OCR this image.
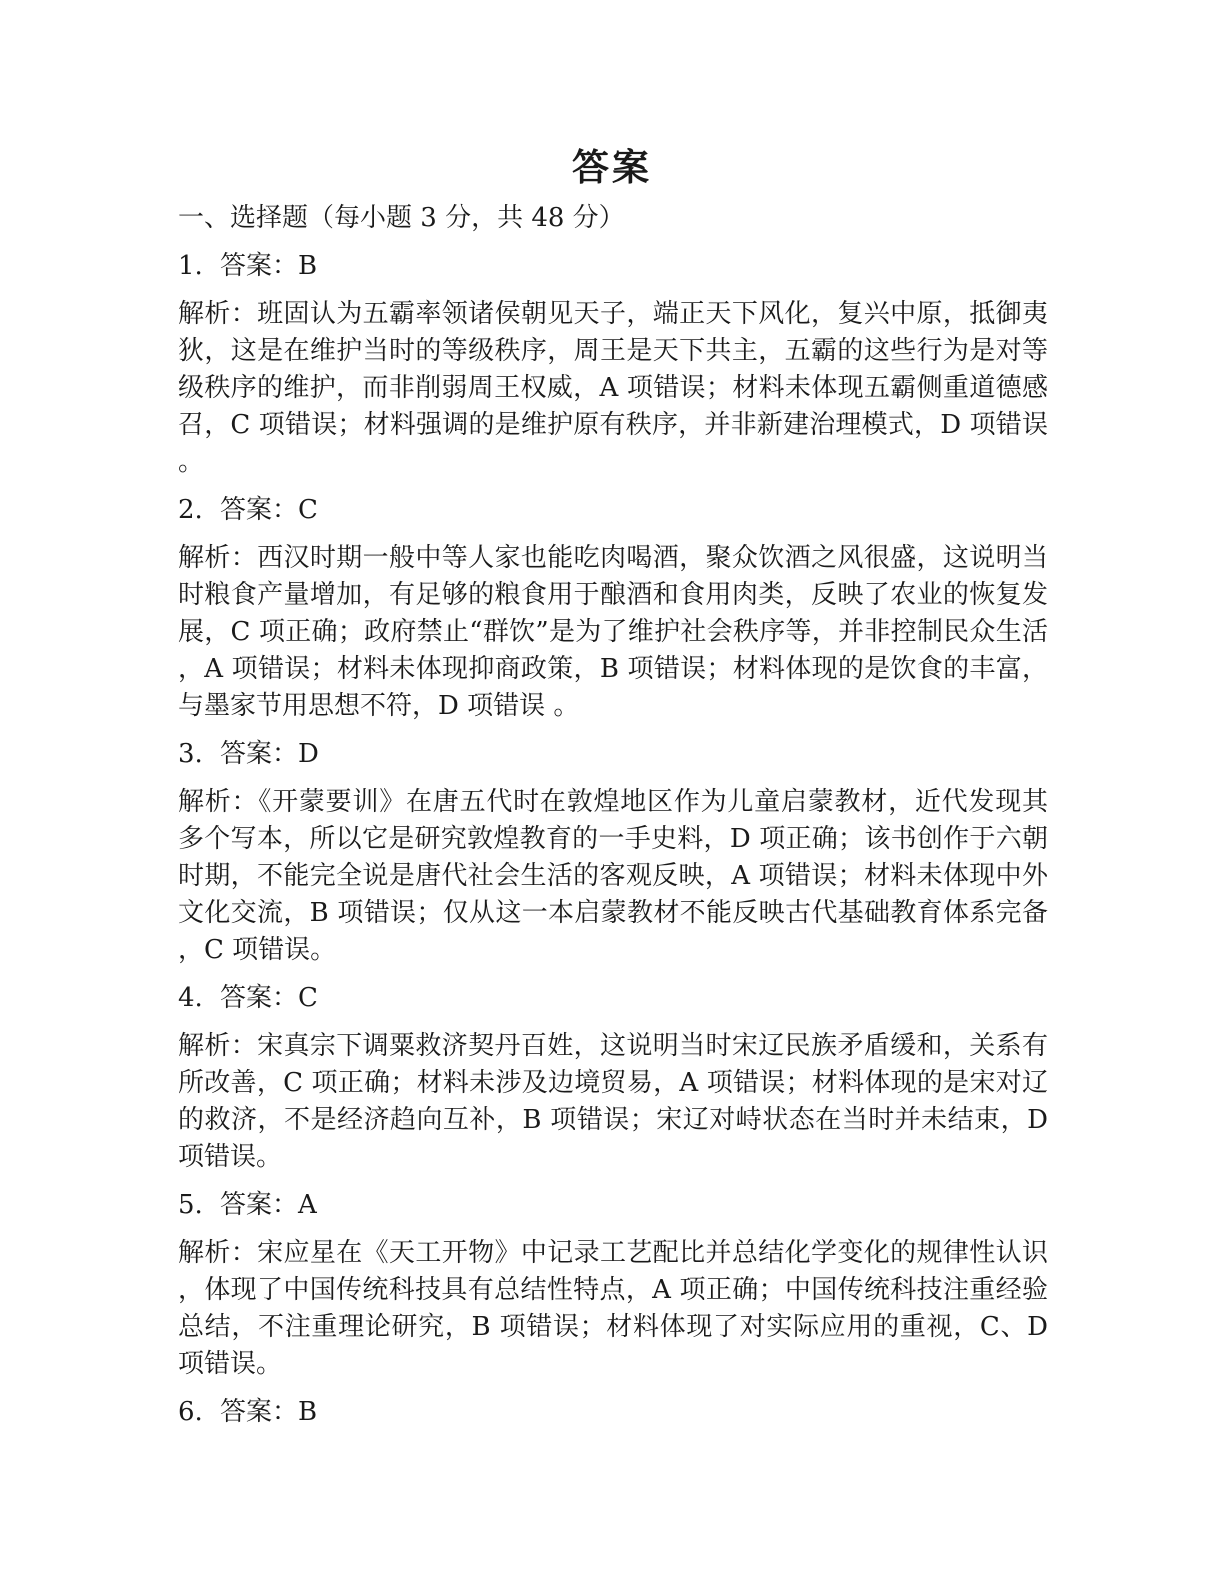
答案
一、选择题（每小题 3 分，共 48 分）
1. 答案：B
解析：班固认为五霸率领诸侯朝见天子，端正天下风化，复兴中原，抵御夷狄，这是在维护当时的等级秩序，周王是天下共主，五霸的这些行为是对等级秩序的维护，而非削弱周王权威，A 项错误；材料未体现五霸侧重道德感召，C 项错误；材料强调的是维护原有秩序，并非新建治理模式，D 项错误。
2. 答案：C
解析：西汉时期一般中等人家也能吃肉喝酒，聚众饮酒之风很盛，这说明当时粮食产量增加，有足够的粮食用于酿酒和食用肉类，反映了农业的恢复发展，C 项正确；政府禁止“群饮”是为了维护社会秩序等，并非控制民众生活，A 项错误；材料未体现抑商政策，B 项错误；材料体现的是饮食的丰富，与墨家节用思想不符，D 项错误 。
3. 答案：D
解析：《开蒙要训》在唐五代时在敦煌地区作为儿童启蒙教材，近代发现其多个写本，所以它是研究敦煌教育的一手史料，D 项正确；该书创作于六朝时期，不能完全说是唐代社会生活的客观反映，A 项错误；材料未体现中外文化交流，B 项错误；仅从这一本启蒙教材不能反映古代基础教育体系完备，C 项错误。
4. 答案：C
解析：宋真宗下调粟救济契丹百姓，这说明当时宋辽民族矛盾缓和，关系有所改善，C 项正确；材料未涉及边境贸易，A 项错误；材料体现的是宋对辽的救济，不是经济趋向互补，B 项错误；宋辽对峙状态在当时并未结束，D 项错误。
5. 答案：A
解析：宋应星在《天工开物》中记录工艺配比并总结化学变化的规律性认识，体现了中国传统科技具有总结性特点，A 项正确；中国传统科技注重经验总结，不注重理论研究，B 项错误；材料体现了对实际应用的重视，C、D 项错误。
6. 答案：B
